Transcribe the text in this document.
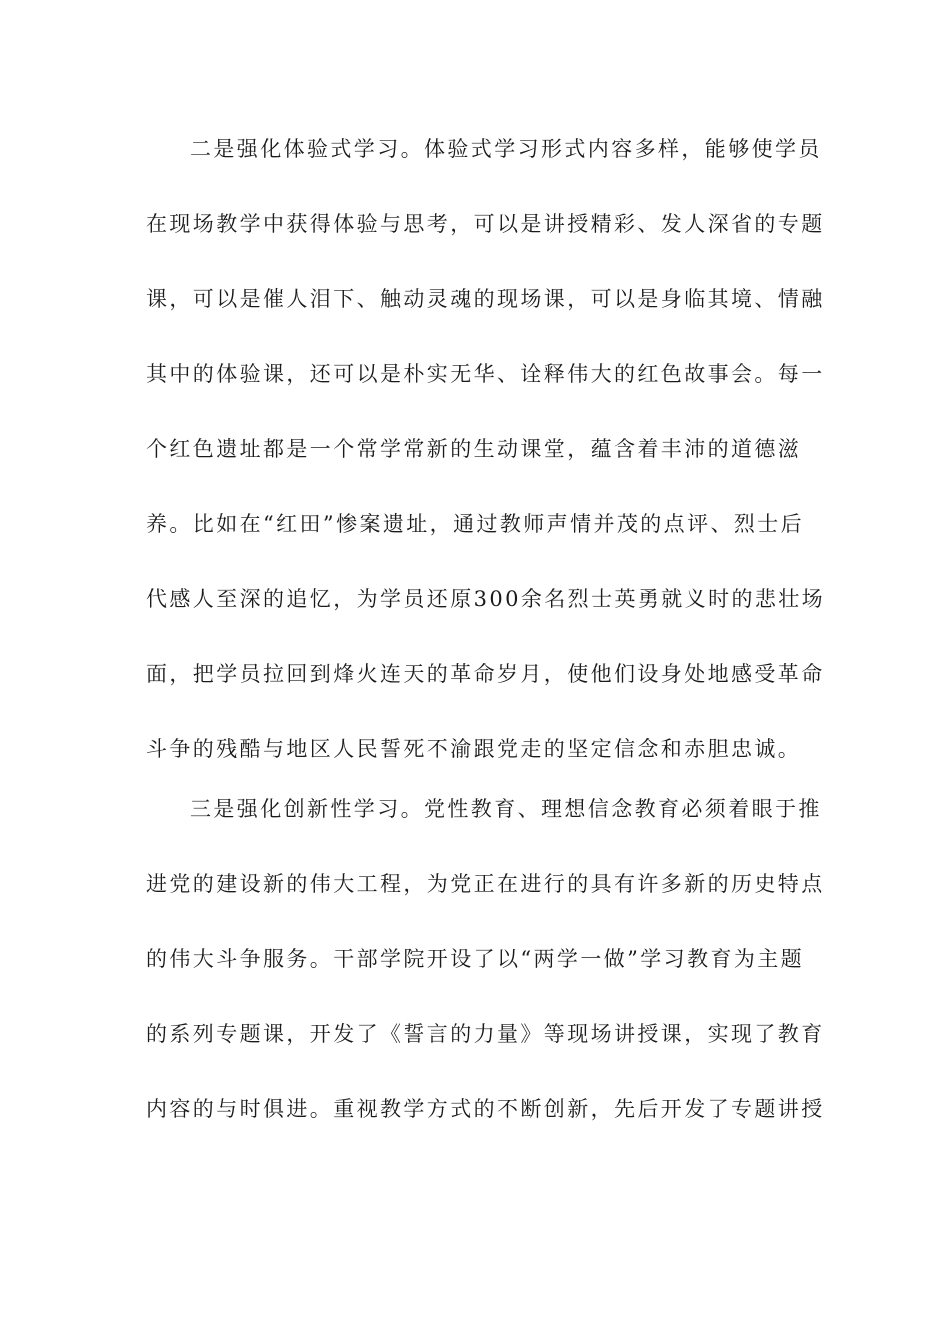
二是强化体验式学习。体验式学习形式内容多样，能够使学员
在现场教学中获得体验与思考，可以是讲授精彩、发人深省的专题
课，可以是催人泪下、触动灵魂的现场课，可以是身临其境、情融
其中的体验课，还可以是朴实无华、诠释伟大的红色故事会。每一
个红色遗址都是一个常学常新的生动课堂，蕴含着丰沛的道德滋
养。比如在“红田”惨案遗址，通过教师声情并茂的点评、烈士后
代感人至深的追忆，为学员还原300余名烈士英勇就义时的悲壮场
面，把学员拉回到烽火连天的革命岁月，使他们设身处地感受革命
斗争的残酷与地区人民誓死不渝跟党走的坚定信念和赤胆忠诚。
三是强化创新性学习。党性教育、理想信念教育必须着眼于推
进党的建设新的伟大工程，为党正在进行的具有许多新的历史特点
的伟大斗争服务。干部学院开设了以“两学一做”学习教育为主题
的系列专题课，开发了《誓言的力量》等现场讲授课，实现了教育
内容的与时俱进。重视教学方式的不断创新，先后开发了专题讲授
